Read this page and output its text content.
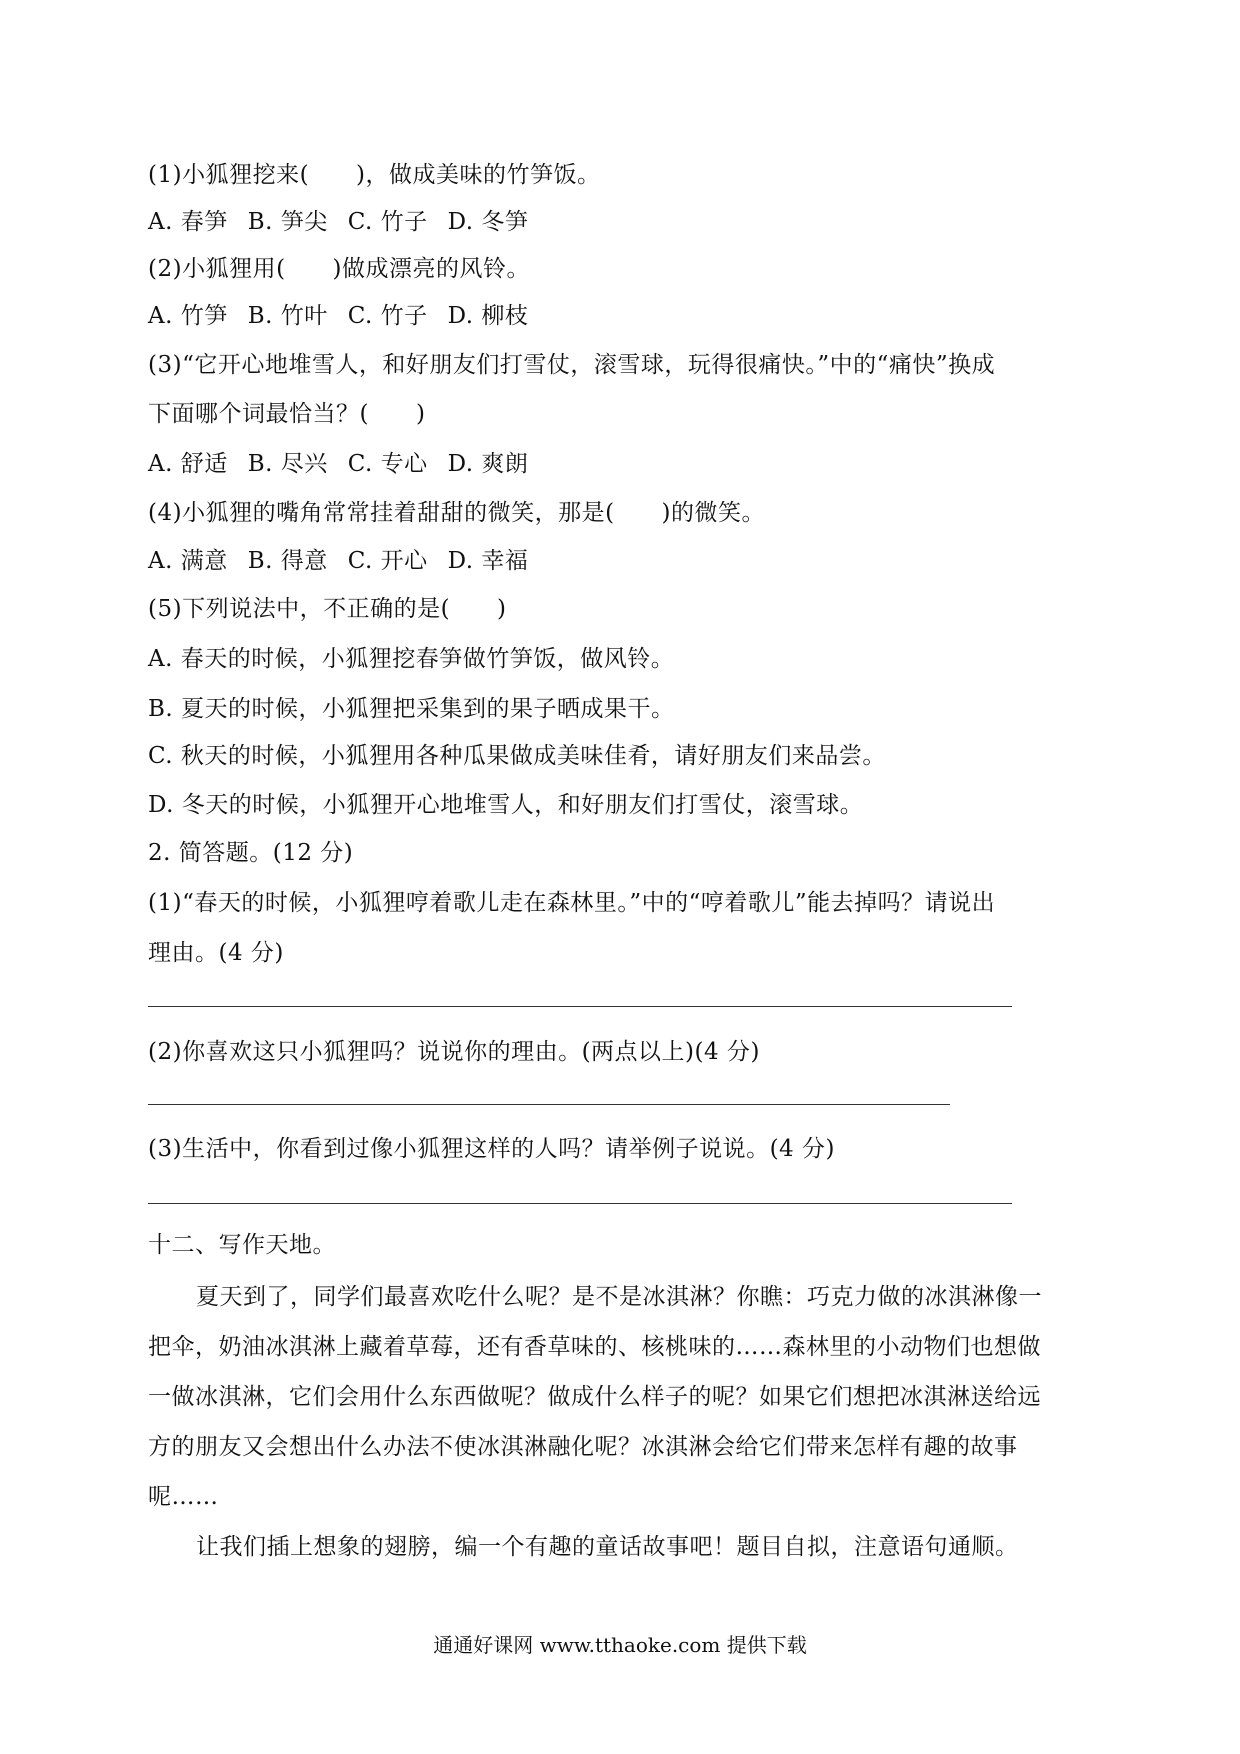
(1)小狐狸挖来(　　)，做成美味的竹笋饭。
A. 春笋 B. 笋尖 C. 竹子 D. 冬笋
(2)小狐狸用(　　)做成漂亮的风铃。
A. 竹笋 B. 竹叶 C. 竹子 D. 柳枝
(3)“它开心地堆雪人，和好朋友们打雪仗，滚雪球，玩得很痛快。”中的“痛快”换成
下面哪个词最恰当？(　　)
A. 舒适 B. 尽兴 C. 专心 D. 爽朗
(4)小狐狸的嘴角常常挂着甜甜的微笑，那是(　　)的微笑。
A. 满意 B. 得意 C. 开心 D. 幸福
(5)下列说法中，不正确的是(　　)
A. 春天的时候，小狐狸挖春笋做竹笋饭，做风铃。
B. 夏天的时候，小狐狸把采集到的果子晒成果干。
C. 秋天的时候，小狐狸用各种瓜果做成美味佳肴，请好朋友们来品尝。
D. 冬天的时候，小狐狸开心地堆雪人，和好朋友们打雪仗，滚雪球。
2. 简答题。(12 分)
(1)“春天的时候，小狐狸哼着歌儿走在森林里。”中的“哼着歌儿”能去掉吗？请说出
理由。(4 分)
(2)你喜欢这只小狐狸吗？说说你的理由。(两点以上)(4 分)
(3)生活中，你看到过像小狐狸这样的人吗？请举例子说说。(4 分)
十二、写作天地。
夏天到了，同学们最喜欢吃什么呢？是不是冰淇淋？你瞧：巧克力做的冰淇淋像一
把伞，奶油冰淇淋上藏着草莓，还有香草味的、核桃味的……森林里的小动物们也想做
一做冰淇淋，它们会用什么东西做呢？做成什么样子的呢？如果它们想把冰淇淋送给远
方的朋友又会想出什么办法不使冰淇淋融化呢？冰淇淋会给它们带来怎样有趣的故事
呢……
让我们插上想象的翅膀，编一个有趣的童话故事吧！题目自拟，注意语句通顺。
通通好课网 www.tthaoke.com 提供下载
